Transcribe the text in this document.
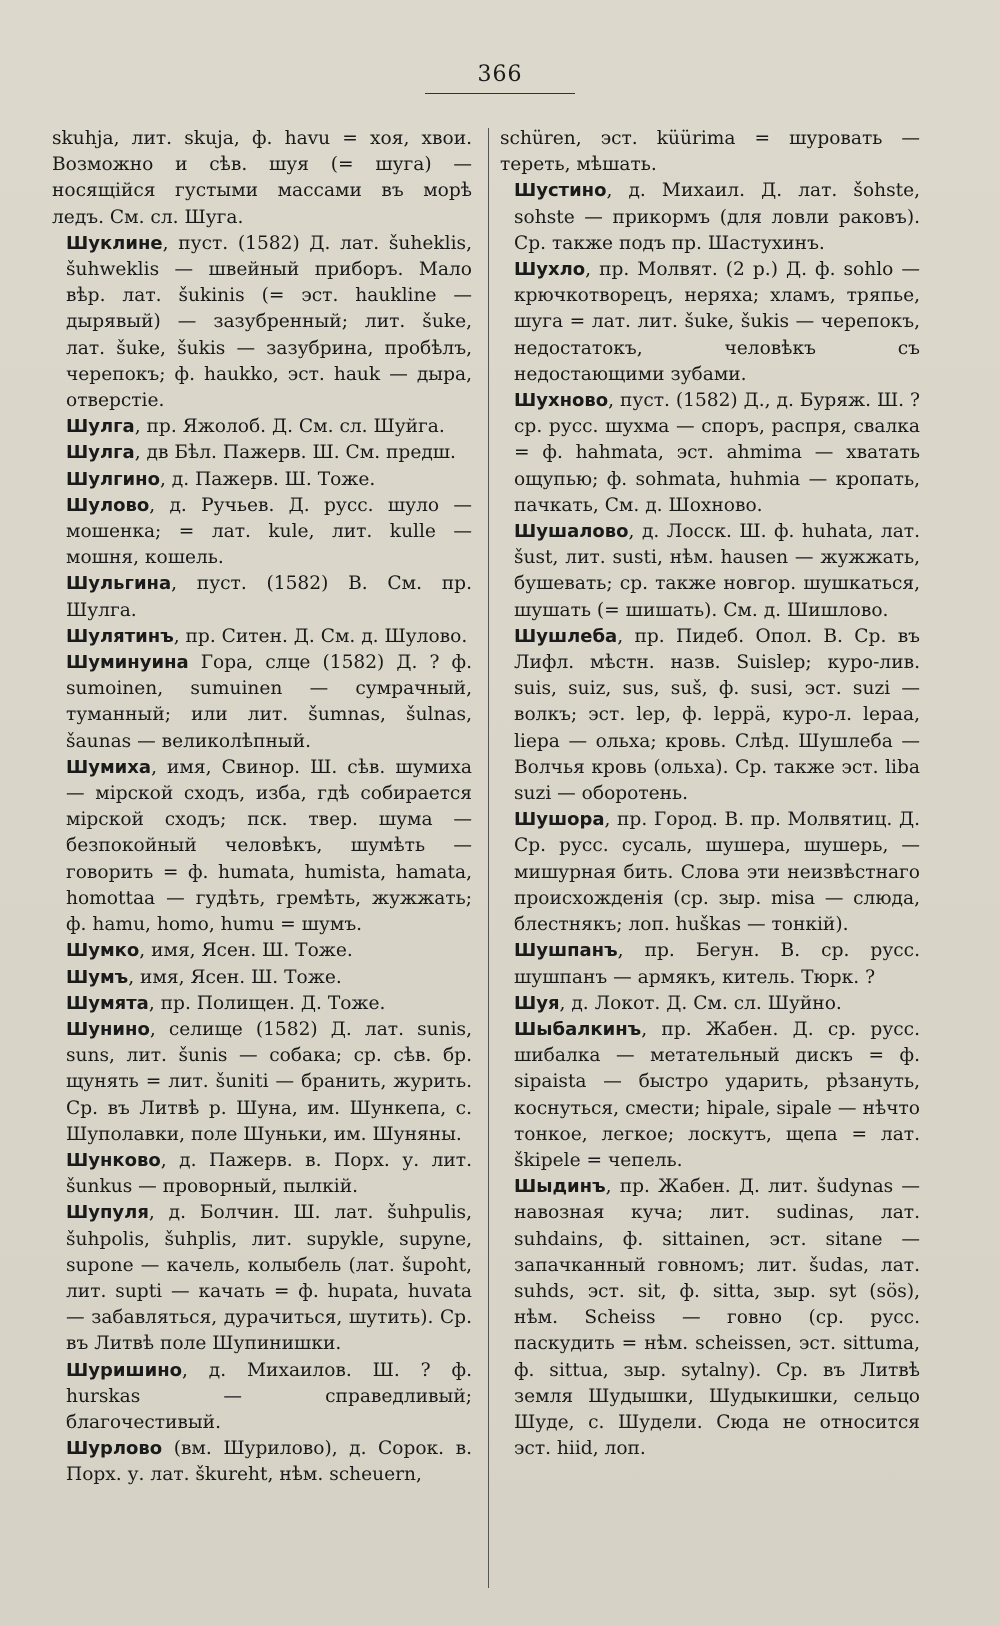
366

skuhja, лит. skuja, ф. havu = хоя, хвои. Возможно и сѣв. шуя (= шуга) — носящійся густыми массами въ морѣ ледъ. См. сл. Шуга.

Шуклине, пуст. (1582) Д. лат. šuheklis, šuhweklis — швейный приборъ. Мало вѣр. лат. šukinis (= эст. haukline — дырявый) — зазубренный; лит. šuke, лат. šuke, šukis — зазубрина, пробѣлъ, черепокъ; ф. haukko, эст. hauk — дыра, отверстіе.

Шулга, пр. Яжолоб. Д. См. сл. Шуйга.

Шулга, дв Бѣл. Пажерв. Ш. См. предш.

Шулгино, д. Пажерв. Ш. Тоже.

Шулово, д. Ручьев. Д. русс. шуло — мошенка; = лат. kule, лит. kulle — мошня, кошель.

Шульгина, пуст. (1582) В. См. пр. Шулга.

Шулятинъ, пр. Ситен. Д. См. д. Шулово.

Шуминуина Гора, слце (1582) Д. ? ф. sumoinen, sumuinen — сумрачный, туманный; или лит. šumnas, šulnas, šaunas — великолѣпный.

Шумиха, имя, Свинор. Ш. сѣв. шумиха — мірской сходъ, изба, гдѣ собирается мірской сходъ; пск. твер. шума — безпокойный человѣкъ, шумѣть — говорить = ф. humata, humista, hamata, homottaa — гудѣть, гремѣть, жужжать; ф. hamu, homo, humu = шумъ.

Шумко, имя, Ясен. Ш. Тоже.

Шумъ, имя, Ясен. Ш. Тоже.

Шумята, пр. Полищен. Д. Тоже.

Шунино, селище (1582) Д. лат. sunis, suns, лит. šunis — собака; ср. сѣв. бр. щунять = лит. šuniti — бранить, журить. Ср. въ Литвѣ р. Шуна, им. Шункепа, с. Шуполавки, поле Шуньки, им. Шуняны.

Шунково, д. Пажерв. в. Порх. у. лит. šunkus — проворный, пылкій.

Шупуля, д. Болчин. Ш. лат. šuhpulis, šuhpolis, šuhplis, лит. supykle, supyne, supone — качель, колыбель (лат. šupoht, лит. supti — качать = ф. hupata, huvata — забавляться, дурачиться, шутить). Ср. въ Литвѣ поле Шупинишки.

Шуришино, д. Михаилов. Ш. ? ф. hurskas — справедливый; благочестивый.

Шурлово (вм. Шурилово), д. Сорок. в. Порх. у. лат. škureht, нѣм. scheuern,

schüren, эст. küürima = шуровать — тереть, мѣшать.

Шустино, д. Михаил. Д. лат. šohste, sohste — прикормъ (для ловли раковъ). Ср. также подъ пр. Шастухинъ.

Шухло, пр. Молвят. (2 р.) Д. ф. sohlo — крючкотворецъ, неряха; хламъ, тряпье, шуга = лат. лит. šuke, šukis — черепокъ, недостатокъ, человѣкъ съ недостающими зубами.

Шухново, пуст. (1582) Д., д. Буряж. Ш. ? ср. русс. шухма — споръ, распря, свалка = ф. hahmata, эст. ahmima — хватать ощупью; ф. sohmata, huhmia — кропать, пачкать, См. д. Шохново.

Шушалово, д. Лосск. Ш. ф. huhata, лат. šust, лит. susti, нѣм. hausen — жужжать, бушевать; ср. также новгор. шушкаться, шушать (= шишать). См. д. Шишлово.

Шушлеба, пр. Пидеб. Опол. В. Ср. въ Лифл. мѣстн. назв. Suislep; куро-лив. suis, suiz, sus, suš, ф. susi, эст. suzi — волкъ; эст. lep, ф. leppä, куро-л. lepaa, liepa — ольха; кровь. Слѣд. Шушлеба — Волчья кровь (ольха). Ср. также эст. liba suzi — оборотень.

Шушора, пр. Город. В. пр. Молвятиц. Д. Ср. русс. сусаль, шушера, шушерь, — мишурная бить. Слова эти неизвѣстнаго происхожденія (ср. зыр. misa — слюда, блестнякъ; лоп. huškas — тонкій).

Шушпанъ, пр. Бегун. В. ср. русс. шушпанъ — армякъ, китель. Тюрк. ?

Шуя, д. Локот. Д. См. сл. Шуйно.

Шыбалкинъ, пр. Жабен. Д. ср. русс. шибалка — метательный дискъ = ф. sipaista — быстро ударить, рѣзануть, коснуться, смести; hipale, sipale — нѣчто тонкое, легкое; лоскутъ, щепа = лат. škipele = чепель.

Шыдинъ, пр. Жабен. Д. лит. šudynas — навозная куча; лит. sudinas, лат. suhdains, ф. sittainen, эст. sitane — запачканный говномъ; лит. šudas, лат. suhds, эст. sit, ф. sitta, зыр. syt (sös), нѣм. Scheiss — говно (ср. русс. паскудить = нѣм. scheissen, эст. sittuma, ф. sittua, зыр. sytalny). Ср. въ Литвѣ земля Шудышки, Шудыкишки, сельцо Шуде, с. Шудели. Сюда не относится эст. hiid, лоп.
